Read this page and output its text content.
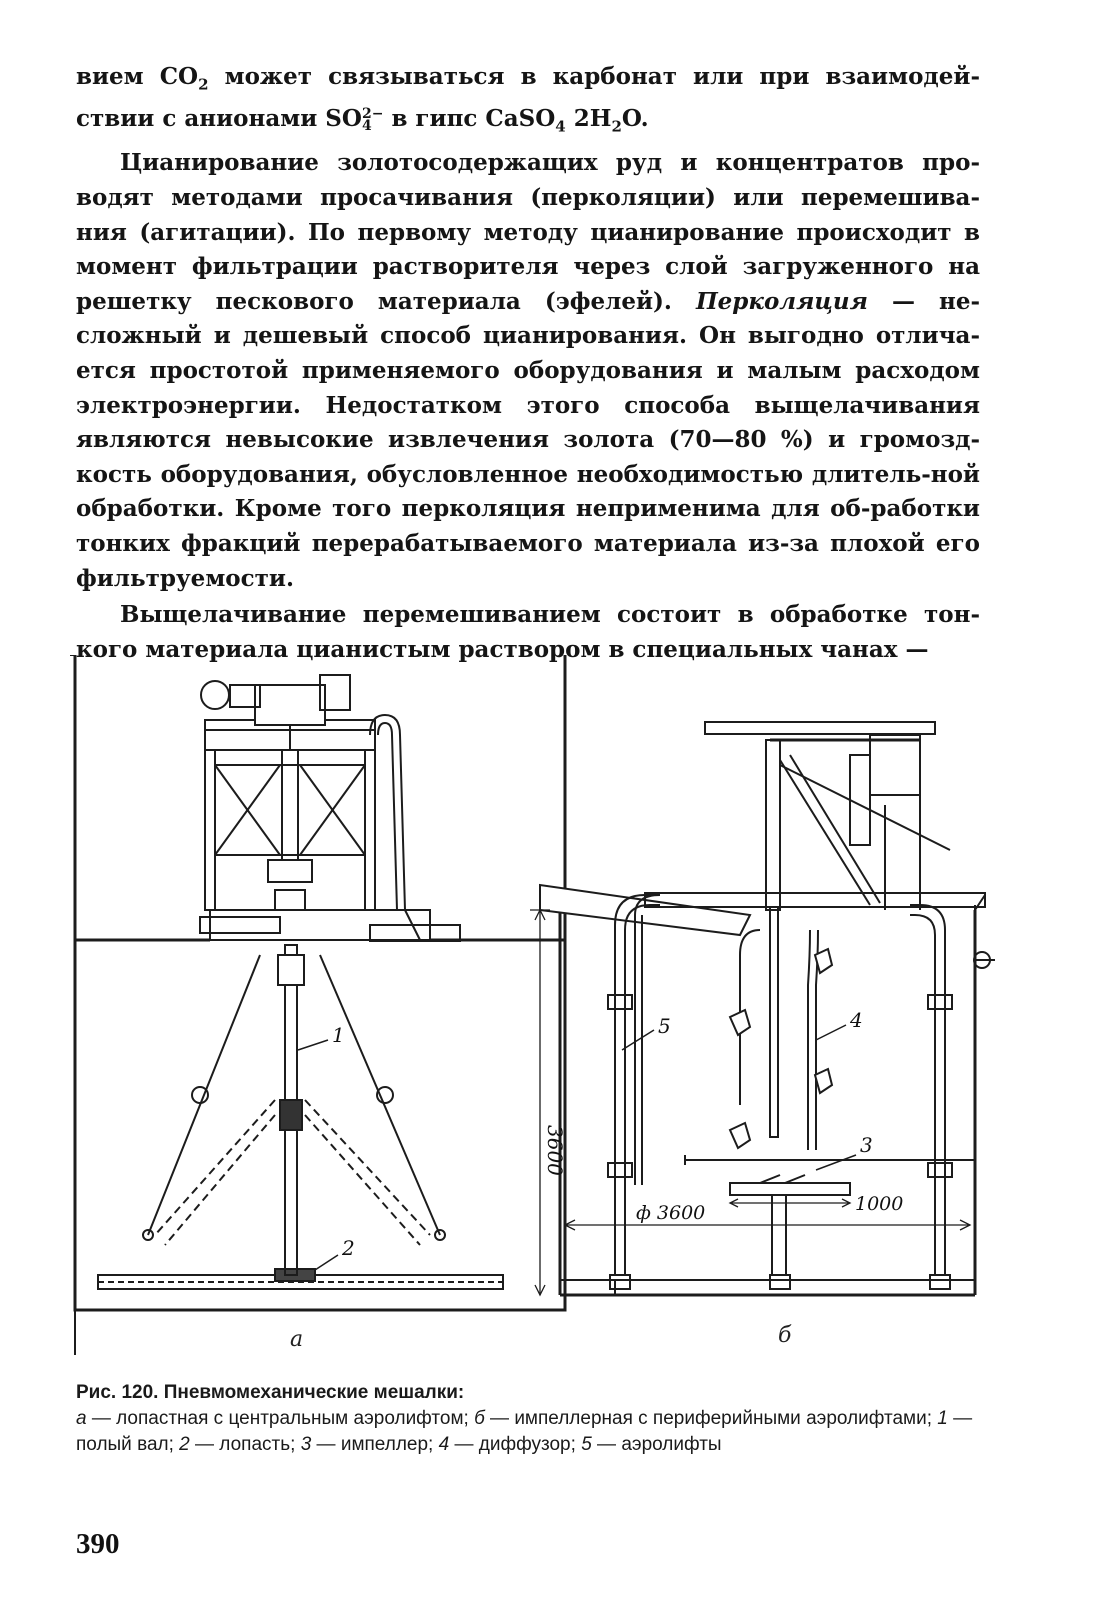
вием $CO_2$ может связываться в карбонат или при взаимодей-ствии с анионами SO 2−
4 в гипс CaSO$_4$ $2H_2O$.

Цианирование золотосодержащих руд и концентратов про-водят методами просачивания (перколяции) или перемешива-ния (агитации). По первому методу цианирование происходит в момент фильтрации растворителя через слой загруженного на решетку пескового материала (эфелей). Перколяция — не-сложный и дешевый способ цианирования. Он выгодно отлича-ется простотой применяемого оборудования и малым расходом электроэнергии. Недостатком этого способа выщелачивания являются невысокие извлечения золота (70—80 %) и громозд-кость оборудования, обусловленное необходимостью длитель-ной обработки. Кроме того перколяция неприменима для об-работки тонких фракций перерабатываемого материала из-за плохой его фильтруемости.

Выщелачивание перемешиванием состоит в обработке тон-кого материала цианистым раствором в специальных чанах —

1
2
3
4
5
3600
ф 3600	1000
а	б
Рис. 120. Пневмомеханические мешалки:
а — лопастная с центральным аэролифтом; б — импеллерная с периферийными аэролифтами; 1 — полый вал; 2 — лопасть; 3 — импеллер; 4 — диффузор; 5 — аэролифты
390
